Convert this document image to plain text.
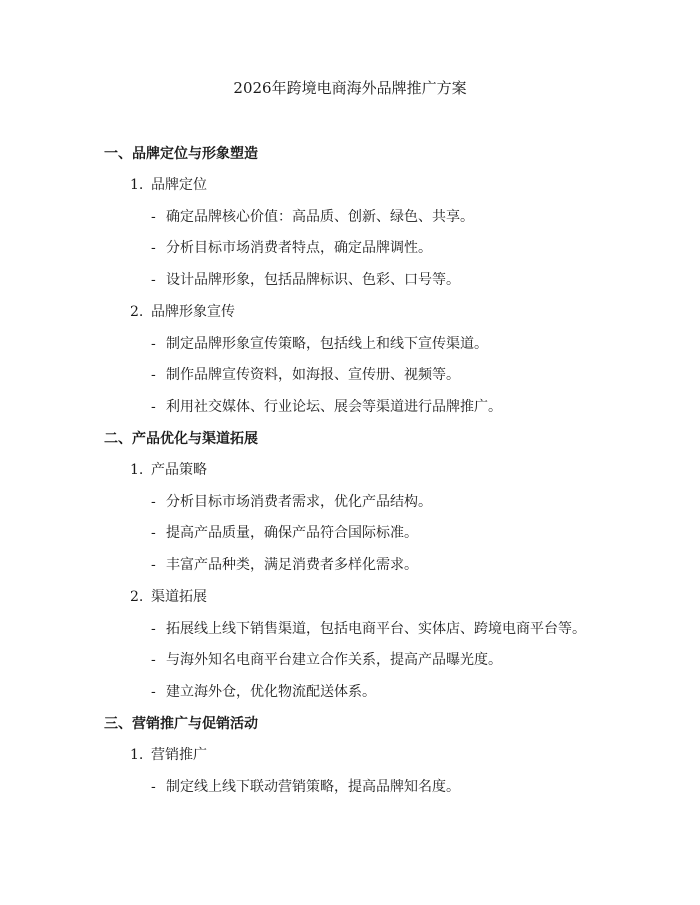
2026年跨境电商海外品牌推广方案
一、品牌定位与形象塑造
1. 品牌定位
- 确定品牌核心价值：高品质、创新、绿色、共享。
- 分析目标市场消费者特点，确定品牌调性。
- 设计品牌形象，包括品牌标识、色彩、口号等。
2. 品牌形象宣传
- 制定品牌形象宣传策略，包括线上和线下宣传渠道。
- 制作品牌宣传资料，如海报、宣传册、视频等。
- 利用社交媒体、行业论坛、展会等渠道进行品牌推广。
二、产品优化与渠道拓展
1. 产品策略
- 分析目标市场消费者需求，优化产品结构。
- 提高产品质量，确保产品符合国际标准。
- 丰富产品种类，满足消费者多样化需求。
2. 渠道拓展
- 拓展线上线下销售渠道，包括电商平台、实体店、跨境电商平台等。
- 与海外知名电商平台建立合作关系，提高产品曝光度。
- 建立海外仓，优化物流配送体系。
三、营销推广与促销活动
1. 营销推广
- 制定线上线下联动营销策略，提高品牌知名度。
